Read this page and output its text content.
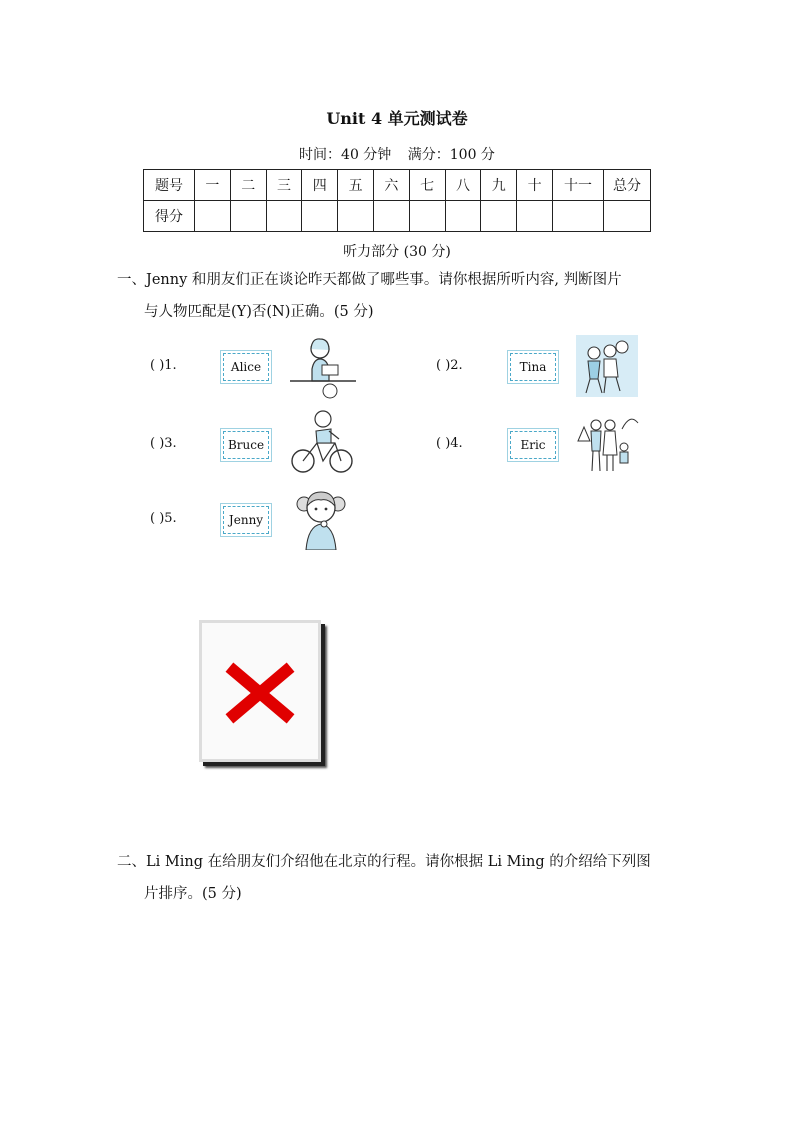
Unit 4 单元测试卷
时间：40 分钟 满分：100 分
题号	一	二	三	四	五	六	七	八	九	十	十一	总分
得分												
听力部分 (30 分)
一、Jenny 和朋友们正在谈论昨天都做了哪些事。请你根据所听内容, 判断图片
与人物匹配是(Y)否(N)正确。(5 分)
( )1.	Alice	( )2.	Tina
( )3.	Bruce	( )4.	Eric
( )5.	Jenny
二、Li Ming 在给朋友们介绍他在北京的行程。请你根据 Li Ming 的介绍给下列图
片排序。(5 分)
